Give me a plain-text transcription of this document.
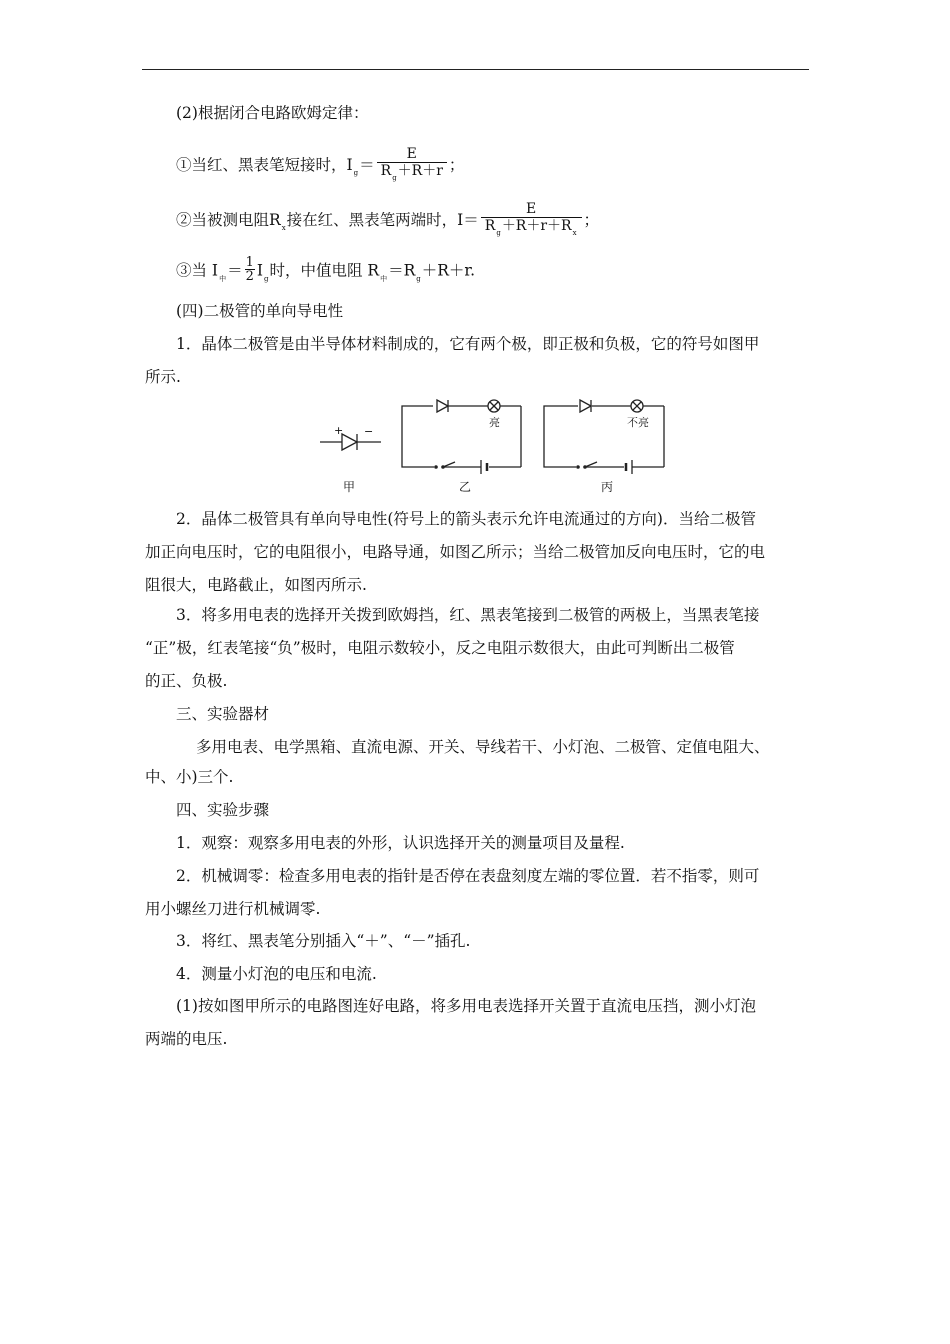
(2)根据闭合电路欧姆定律：
①当红、黑表笔短接时，$I_g= \frac{E}{R_g+R+r}$ ；
②当被测电阻$R_x$接在红、黑表笔两端时，$I= \frac{E}{R_g+R+r+R_x}$ ；
③当 $I_中= \frac{1}{2} I_g$时，中值电阻 $R_中=R_g+R+r$.
(四)二极管的单向导电性
1．晶体二极管是由半导体材料制成的，它有两个极，即正极和负极，它的符号如图甲
所示.
+ −
亮	不亮
甲	乙	丙
2．晶体二极管具有单向导电性(符号上的箭头表示允许电流通过的方向)．当给二极管
加正向电压时，它的电阻很小，电路导通，如图乙所示；当给二极管加反向电压时，它的电
阻很大，电路截止，如图丙所示.
3．将多用电表的选择开关拨到欧姆挡，红、黑表笔接到二极管的两极上，当黑表笔接
“正”极，红表笔接“负”极时，电阻示数较小，反之电阻示数很大，由此可判断出二极管
的正、负极.
三、实验器材
多用电表、电学黑箱、直流电源、开关、导线若干、小灯泡、二极管、定值电阻大、
中、小)三个.
四、实验步骤
1．观察：观察多用电表的外形，认识选择开关的测量项目及量程.
2．机械调零：检查多用电表的指针是否停在表盘刻度左端的零位置．若不指零，则可
用小螺丝刀进行机械调零.
3．将红、黑表笔分别插入“＋”、“－”插孔.
4．测量小灯泡的电压和电流.
(1)按如图甲所示的电路图连好电路，将多用电表选择开关置于直流电压挡，测小灯泡
两端的电压.
